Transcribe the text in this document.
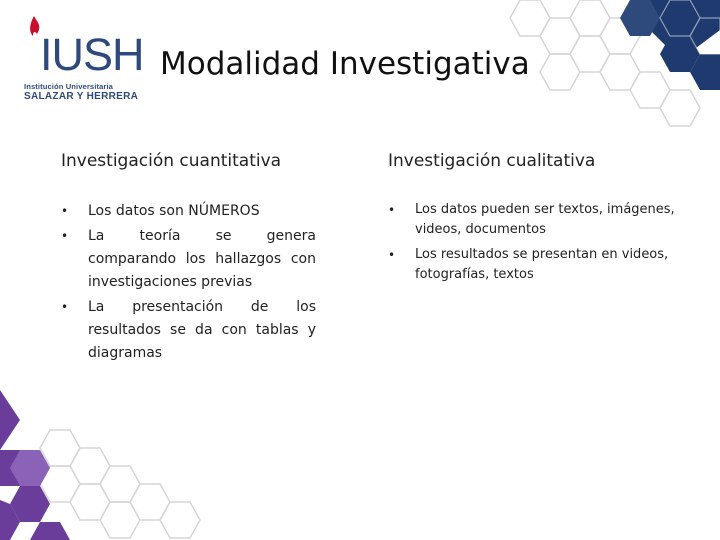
IUSH
Institución Universitaria
SALAZAR Y HERRERA
Modalidad Investigativa
Investigación cuantitativa
• Los datos son NÚMEROS
• La teoría se genera comparando los hallazgos con investigaciones previas
• La presentación de los resultados se da con tablas y diagramas
Investigación cualitativa
• Los datos pueden ser textos, imágenes, videos, documentos
• Los resultados se presentan en videos, fotografías, textos
